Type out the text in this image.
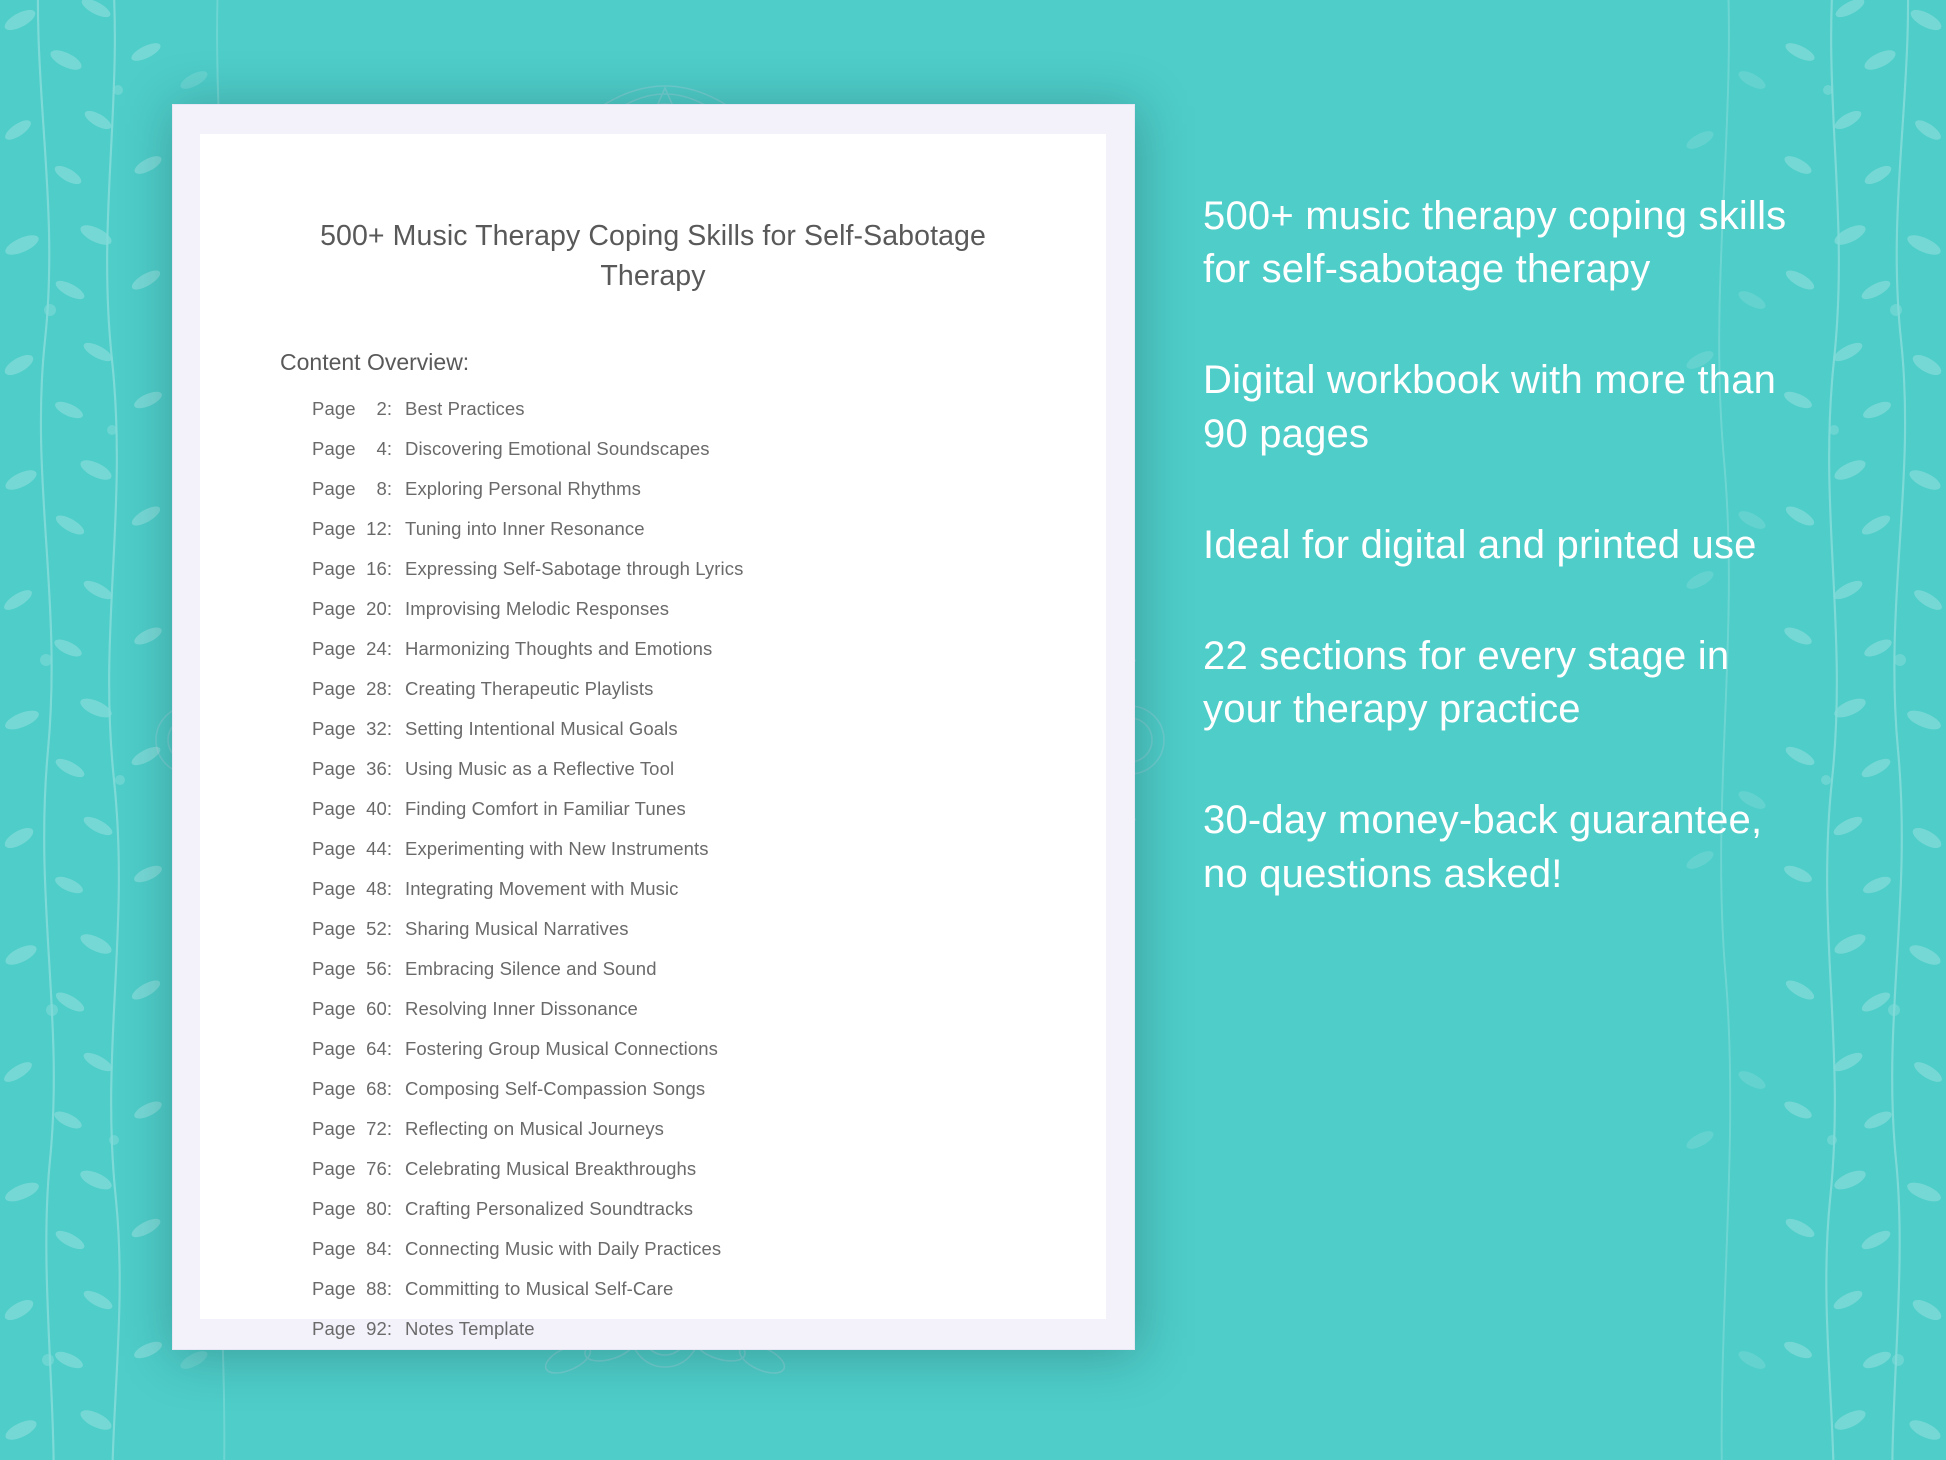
500+ Music Therapy Coping Skills for Self-Sabotage Therapy
Content Overview:
Page 2: Best Practices
Page 4: Discovering Emotional Soundscapes
Page 8: Exploring Personal Rhythms
Page 12: Tuning into Inner Resonance
Page 16: Expressing Self-Sabotage through Lyrics
Page 20: Improvising Melodic Responses
Page 24: Harmonizing Thoughts and Emotions
Page 28: Creating Therapeutic Playlists
Page 32: Setting Intentional Musical Goals
Page 36: Using Music as a Reflective Tool
Page 40: Finding Comfort in Familiar Tunes
Page 44: Experimenting with New Instruments
Page 48: Integrating Movement with Music
Page 52: Sharing Musical Narratives
Page 56: Embracing Silence and Sound
Page 60: Resolving Inner Dissonance
Page 64: Fostering Group Musical Connections
Page 68: Composing Self-Compassion Songs
Page 72: Reflecting on Musical Journeys
Page 76: Celebrating Musical Breakthroughs
Page 80: Crafting Personalized Soundtracks
Page 84: Connecting Music with Daily Practices
Page 88: Committing to Musical Self-Care
Page 92: Notes Template

500+ music therapy coping skills for self-sabotage therapy

Digital workbook with more than 90 pages

Ideal for digital and printed use

22 sections for every stage in your therapy practice

30-day money-back guarantee, no questions asked!
